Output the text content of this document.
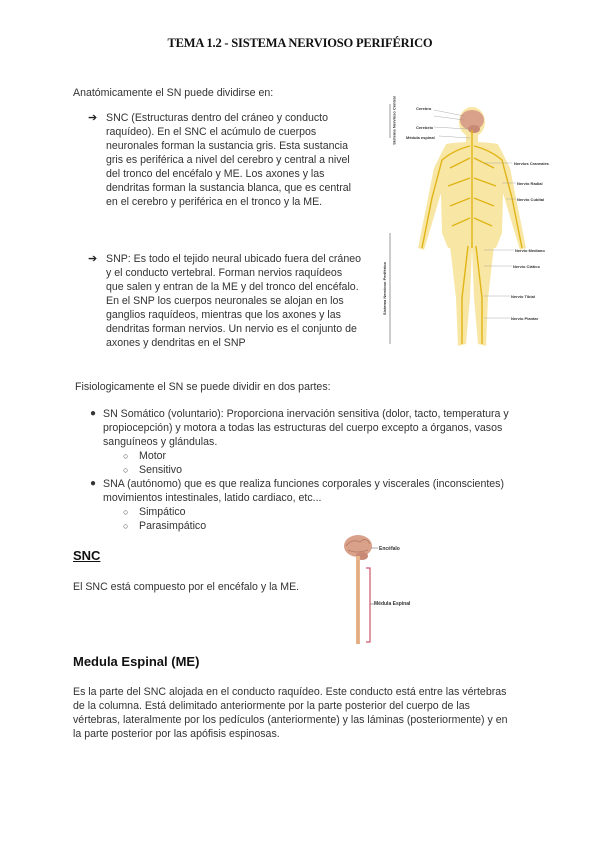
TEMA 1.2 - SISTEMA NERVIOSO PERIFÉRICO
Anatómicamente el SN puede dividirse en:
➔ SNC (Estructuras dentro del cráneo y conducto
raquídeo). En el SNC el acúmulo de cuerpos
neuronales forman la sustancia gris. Esta sustancia
gris es periférica a nivel del cerebro y central a nivel
del tronco del encéfalo y ME. Los axones y las
dendritas forman la sustancia blanca, que es central
en el cerebro y periférica en el tronco y la ME.
➔ SNP: Es todo el tejido neural ubicado fuera del cráneo
y el conducto vertebral. Forman nervios raquídeos
que salen y entran de la ME y del tronco del encéfalo.
En el SNP los cuerpos neuronales se alojan en los
ganglios raquídeos, mientras que los axones y las
dendritas forman nervios. Un nervio es el conjunto de
axones y dendritas en el SNP
Cerebro
Cerebelo
Médula espinal
Nervios Craneales
Nervio Radial
Nervio Cubital
Nervio Mediano
Nervio Ciático
Nervio Tibial
Nervio Plantar
Sistema Nervioso Central
Sistema Nervioso Periférico
Fisiologicamente el SN se puede dividir en dos partes:
● SN Somático (voluntario): Proporciona inervación sensitiva (dolor, tacto, temperatura y
propiocepción) y motora a todas las estructuras del cuerpo excepto a órganos, vasos
sanguíneos y glándulas.
○ Motor
○ Sensitivo
● SNA (autónomo) que es que realiza funciones corporales y viscerales (inconscientes)
movimientos intestinales, latido cardiaco, etc...
○ Simpático
○ Parasimpático
SNC
El SNC está compuesto por el encéfalo y la ME.
Encéfalo
Médula Espinal
Medula Espinal (ME)
Es la parte del SNC alojada en el conducto raquídeo. Este conducto está entre las vértebras
de la columna. Está delimitado anteriormente por la parte posterior del cuerpo de las
vértebras, lateralmente por los pedículos (anteriormente) y las láminas (posteriormente) y en
la parte posterior por las apófisis espinosas.
